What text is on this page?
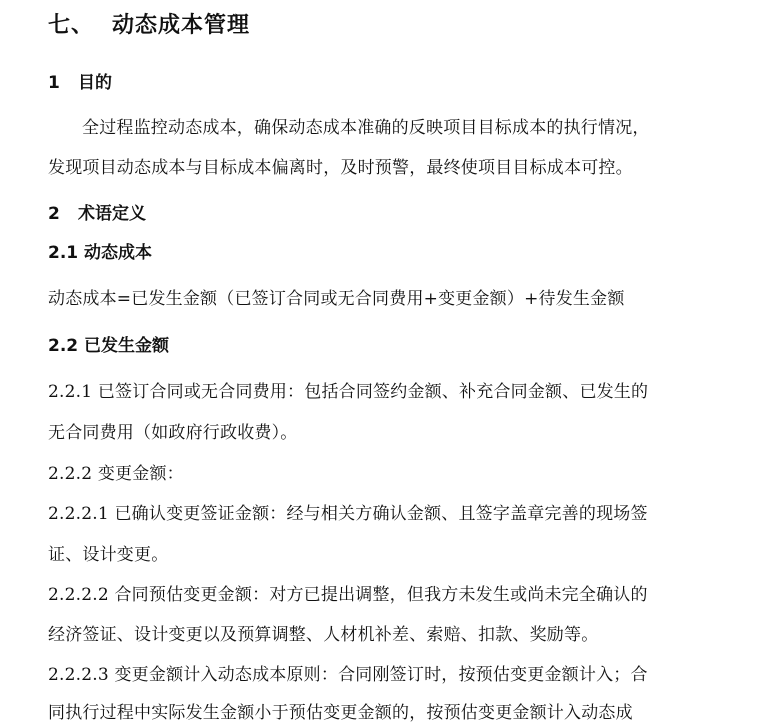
七、 动态成本管理
1 目的
全过程监控动态成本，确保动态成本准确的反映项目目标成本的执行情况，
发现项目动态成本与目标成本偏离时，及时预警，最终使项目目标成本可控。
2 术语定义
2.1 动态成本
动态成本=已发生金额（已签订合同或无合同费用+变更金额）+待发生金额
2.2 已发生金额
2.2.1 已签订合同或无合同费用：包括合同签约金额、补充合同金额、已发生的
无合同费用（如政府行政收费）。
2.2.2 变更金额：
2.2.2.1 已确认变更签证金额：经与相关方确认金额、且签字盖章完善的现场签
证、设计变更。
2.2.2.2 合同预估变更金额：对方已提出调整，但我方未发生或尚未完全确认的
经济签证、设计变更以及预算调整、人材机补差、索赔、扣款、奖励等。
2.2.2.3 变更金额计入动态成本原则：合同刚签订时，按预估变更金额计入；合
同执行过程中实际发生金额小于预估变更金额的，按预估变更金额计入动态成
